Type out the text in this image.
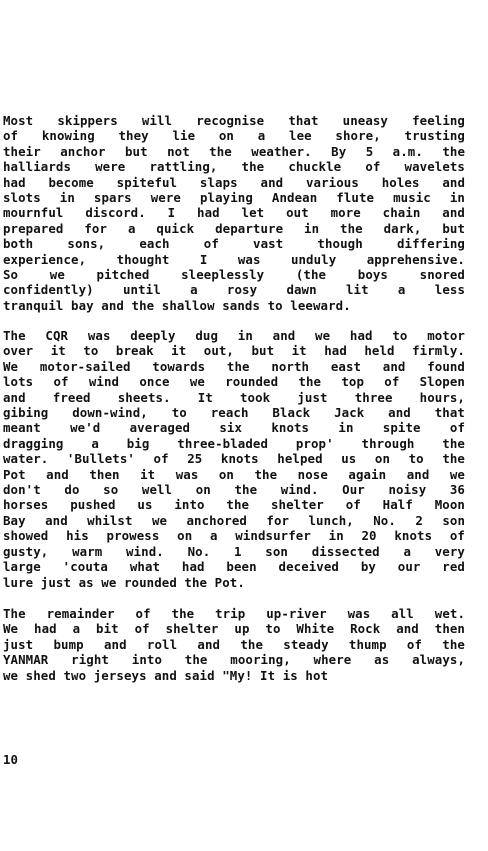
Most skippers will recognise that uneasy feeling
of knowing they lie on a lee shore, trusting
their anchor but not the weather. By 5 a.m. the
halliards were rattling, the chuckle of wavelets
had become spiteful slaps and various holes and
slots in spars were playing Andean flute music in
mournful discord. I had let out more chain and
prepared for a quick departure in the dark, but
both sons, each of vast though differing
experience, thought I was unduly apprehensive.
So we pitched sleeplessly (the boys snored
confidently) until a rosy dawn lit a less
tranquil bay and the shallow sands to leeward.
The CQR was deeply dug in and we had to motor
over it to break it out, but it had held firmly.
We motor-sailed towards the north east and found
lots of wind once we rounded the top of Slopen
and freed sheets. It took just three hours,
gibing down-wind, to reach Black Jack and that
meant we'd averaged six knots in spite of
dragging a big three-bladed prop' through the
water. 'Bullets' of 25 knots helped us on to the
Pot and then it was on the nose again and we
don't do so well on the wind. Our noisy 36
horses pushed us into the shelter of Half Moon
Bay and whilst we anchored for lunch, No. 2 son
showed his prowess on a windsurfer in 20 knots of
gusty, warm wind. No. 1 son dissected a very
large 'couta what had been deceived by our red
lure just as we rounded the Pot.
The remainder of the trip up-river was all wet.
We had a bit of shelter up to White Rock and then
just bump and roll and the steady thump of the
YANMAR right into the mooring, where as always,
we shed two jerseys and said "My! It is hot
10
